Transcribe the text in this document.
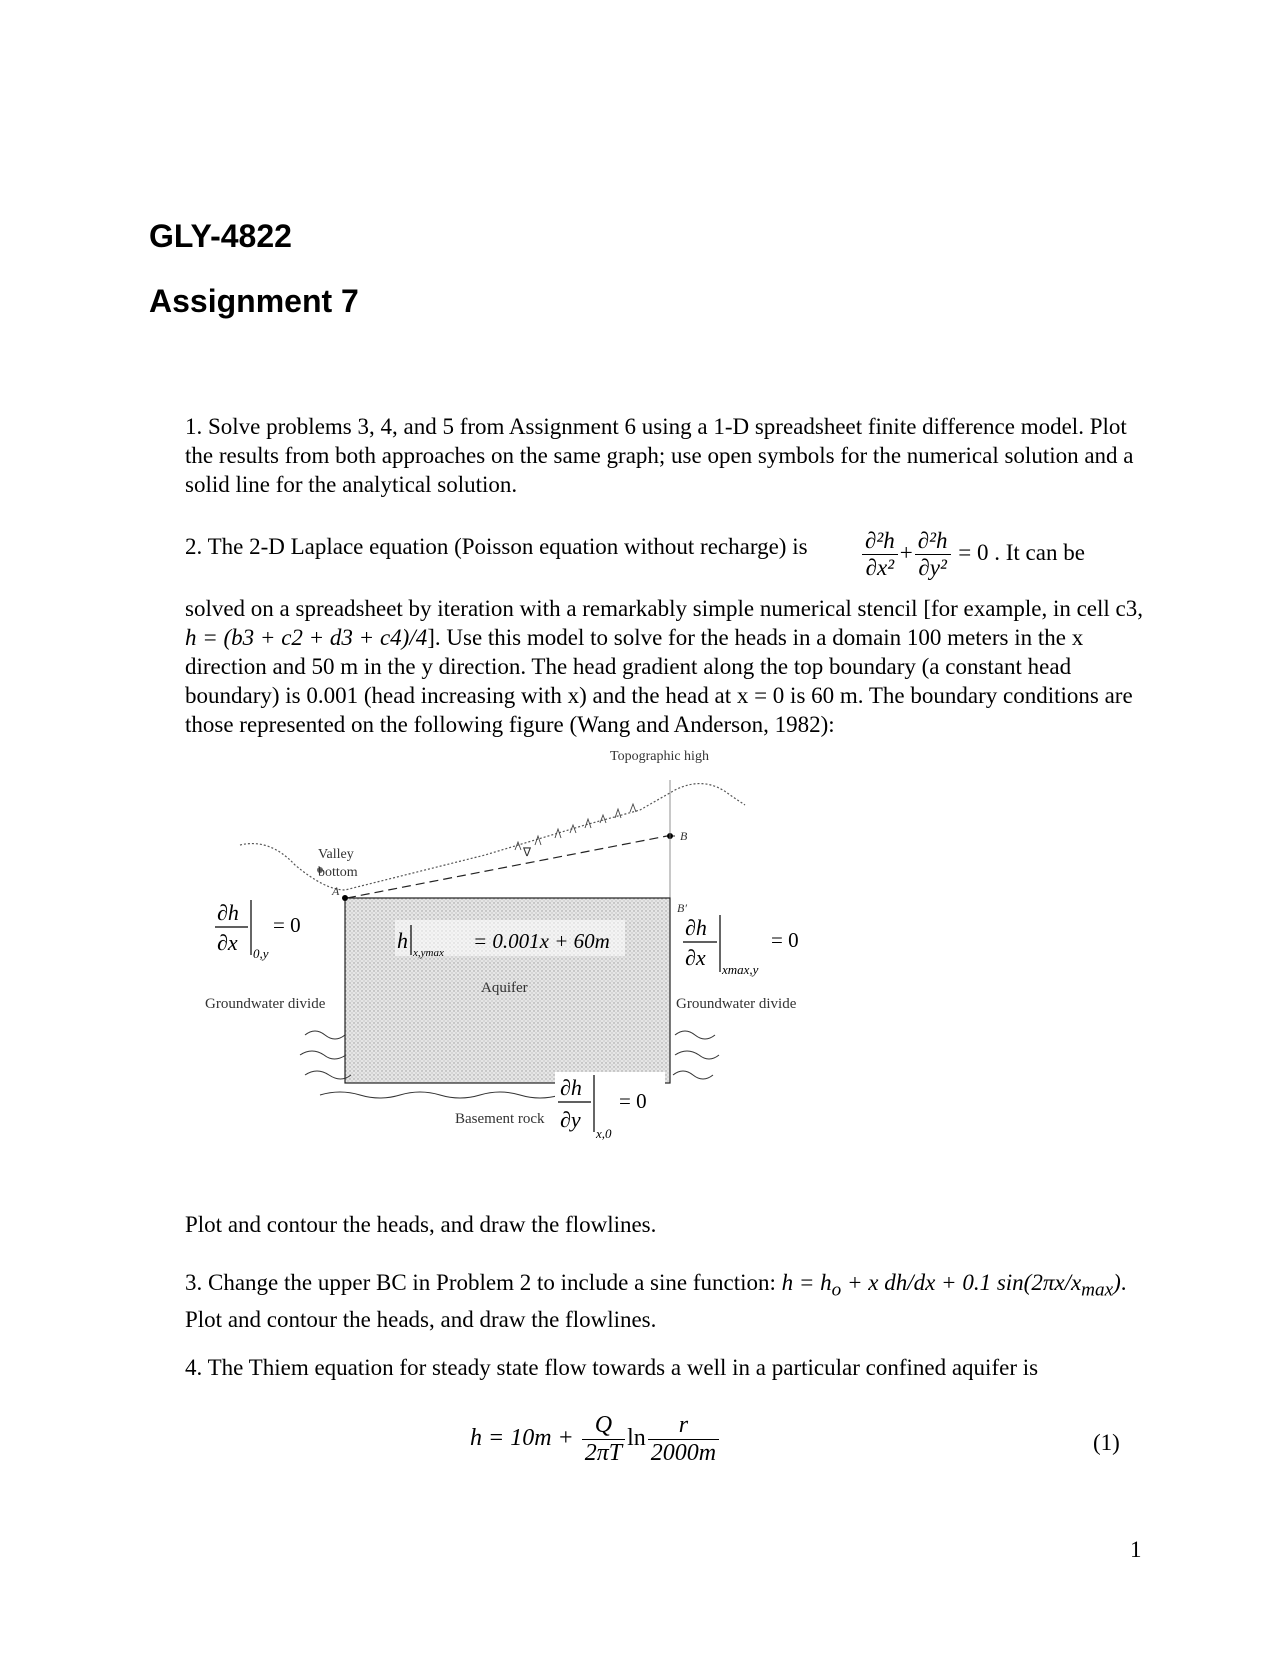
GLY-4822
Assignment 7
1. Solve problems 3, 4, and 5 from Assignment 6 using a 1-D spreadsheet finite difference model. Plot the results from both approaches on the same graph; use open symbols for the numerical solution and a solid line for the analytical solution.
2. The 2-D Laplace equation (Poisson equation without recharge) is	$\frac{\text{∂²h}}{\text{∂x²}} + \frac{\text{∂²h}}{\text{∂y²}} = 0$ . It can be
solved on a spreadsheet by iteration with a remarkably simple numerical stencil [for example, in cell c3, h = (b3 + c2 + d3 + c4)/4]. Use this model to solve for the heads in a domain 100 meters in the x direction and 50 m in the y direction. The head gradient along the top boundary (a constant head boundary) is 0.001 (head increasing with x) and the head at x = 0 is 60 m. The boundary conditions are those represented on the following figure (Wang and Anderson, 1982):
Topographic high
Valley
bottom
A
B
B′
∇
∂h
∂x 0,y
= 0
h x,ymax = 0.001x + 60m
Aquifer
∂h
∂x xmax,y
= 0
Groundwater divide	Groundwater divide
∂h
∂y
x,0
= 0
Basement rock
Plot and contour the heads, and draw the flowlines.
3. Change the upper BC in Problem 2 to include a sine function: $h = h_o + x$ dh/dx + 0.1 $\sin(2\pi x/x_{max})$. Plot and contour the heads, and draw the flowlines.
4. The Thiem equation for steady state flow towards a well in a particular confined aquifer is
$h = 10m + \frac{Q}{2\pi T}$ $\ln \frac{r}{2000m}$	(1)
1
